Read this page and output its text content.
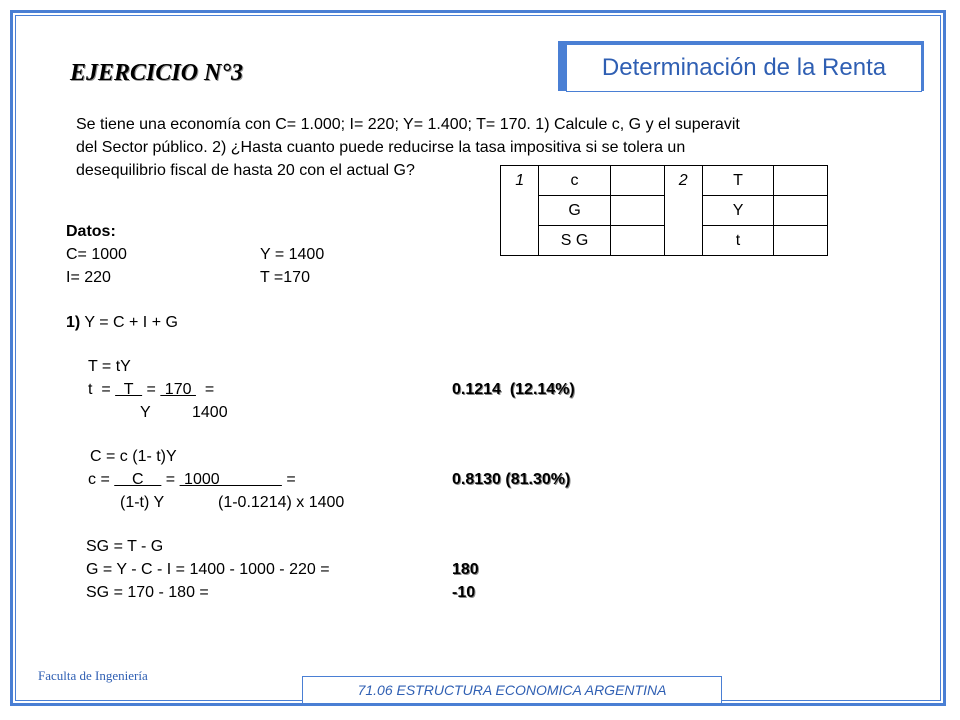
Determinación de la Renta
EJERCICIO N°3
Se tiene una economía con C= 1.000; I= 220; Y= 1.400; T= 170. 1) Calcule c, G y el superavit
del Sector público. 2) ¿Hasta cuanto puede reducirse la tasa impositiva si se tolera un
desequilibrio fiscal de hasta 20 con el actual G?
1	c		2	T	
	G			Y	
	S G			t	
Datos:
C= 1000	Y = 1400
I= 220	T =170
1) Y = C + I + G
T = tY
t  =   T   =  170   =
Y	1400
0.1214  (12.14%)
C = c (1- t)Y
c =     C     =  1000               =
(1-t) Y	(1-0.1214) x 1400
0.8130 (81.30%)
SG = T - G
G = Y - C - I = 1400 - 1000 - 220 =	180
SG = 170 - 180 =	-10
Faculta de Ingeniería
71.06 ESTRUCTURA ECONOMICA ARGENTINA
